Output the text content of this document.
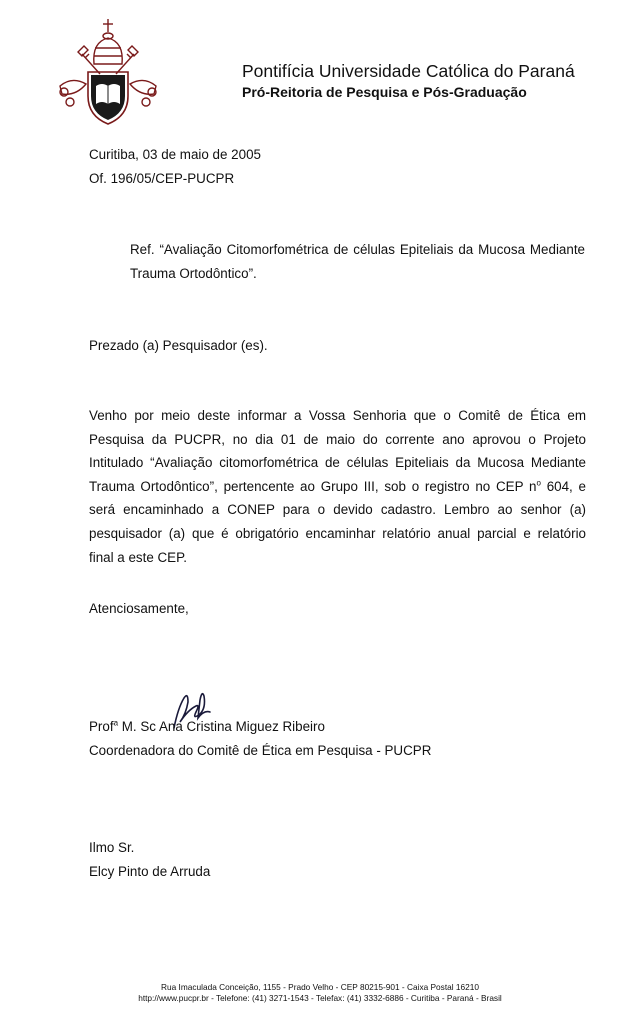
Pontifícia Universidade Católica do Paraná
Pró-Reitoria de Pesquisa e Pós-Graduação
Curitiba, 03 de maio de 2005
Of. 196/05/CEP-PUCPR
Ref. “Avaliação Citomorfométrica de células Epiteliais da Mucosa Mediante Trauma Ortodôntico”.
Prezado (a) Pesquisador (es).
Venho por meio deste informar a Vossa Senhoria que o Comitê de Ética em
Pesquisa da PUCPR, no dia 01 de maio do corrente ano aprovou o Projeto
Intitulado “Avaliação citomorfométrica de células Epiteliais da Mucosa Mediante
Trauma Ortodôntico”, pertencente ao Grupo III, sob o registro no CEP $n^o$ 604, e
será encaminhado a CONEP para o devido cadastro. Lembro ao senhor (a)
pesquisador (a) que é obrigatório encaminhar relatório anual parcial e relatório
final a este CEP.
Atenciosamente,
Prof$^a$ M. Sc Ana Cristina Miguez Ribeiro
Coordenadora do Comitê de Ética em Pesquisa - PUCPR
Ilmo Sr.
Elcy Pinto de Arruda
Rua Imaculada Conceição, 1155 - Prado Velho - CEP 80215-901 - Caixa Postal 16210
http://www.pucpr.br - Telefone: (41) 3271-1543 - Telefax: (41) 3332-6886 - Curitiba - Paraná - Brasil
